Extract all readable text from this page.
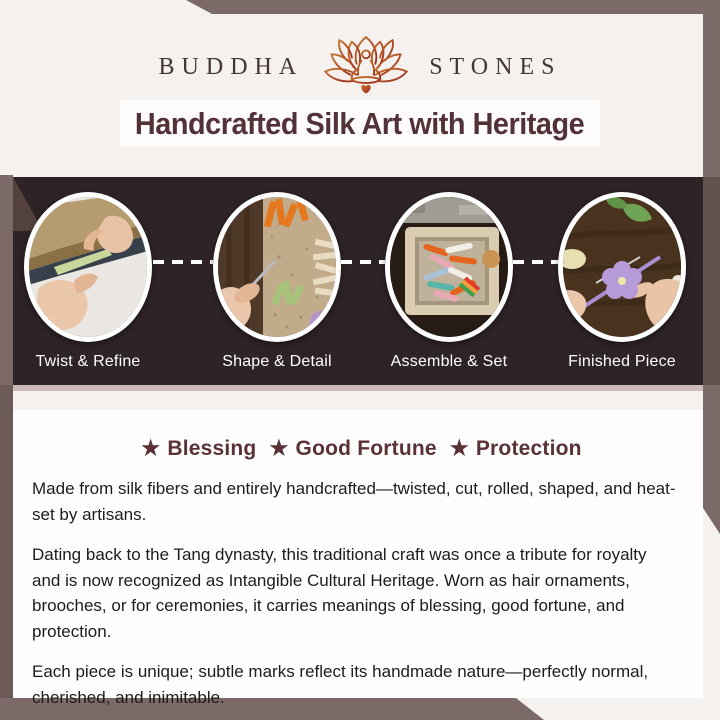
BUDDHA	STONES
Handcrafted Silk Art with Heritage
Twist & Refine	Shape & Detail	Assemble & Set	Finished Piece
★ Blessing ★ Good Fortune ★ Protection

Made from silk fibers and entirely handcrafted—twisted, cut, rolled, shaped, and heat-set by artisans.

Dating back to the Tang dynasty, this traditional craft was once a tribute for royalty and is now recognized as Intangible Cultural Heritage. Worn as hair ornaments, brooches, or for ceremonies, it carries meanings of blessing, good fortune, and protection.

Each piece is unique; subtle marks reflect its handmade nature—perfectly normal, cherished, and inimitable.
